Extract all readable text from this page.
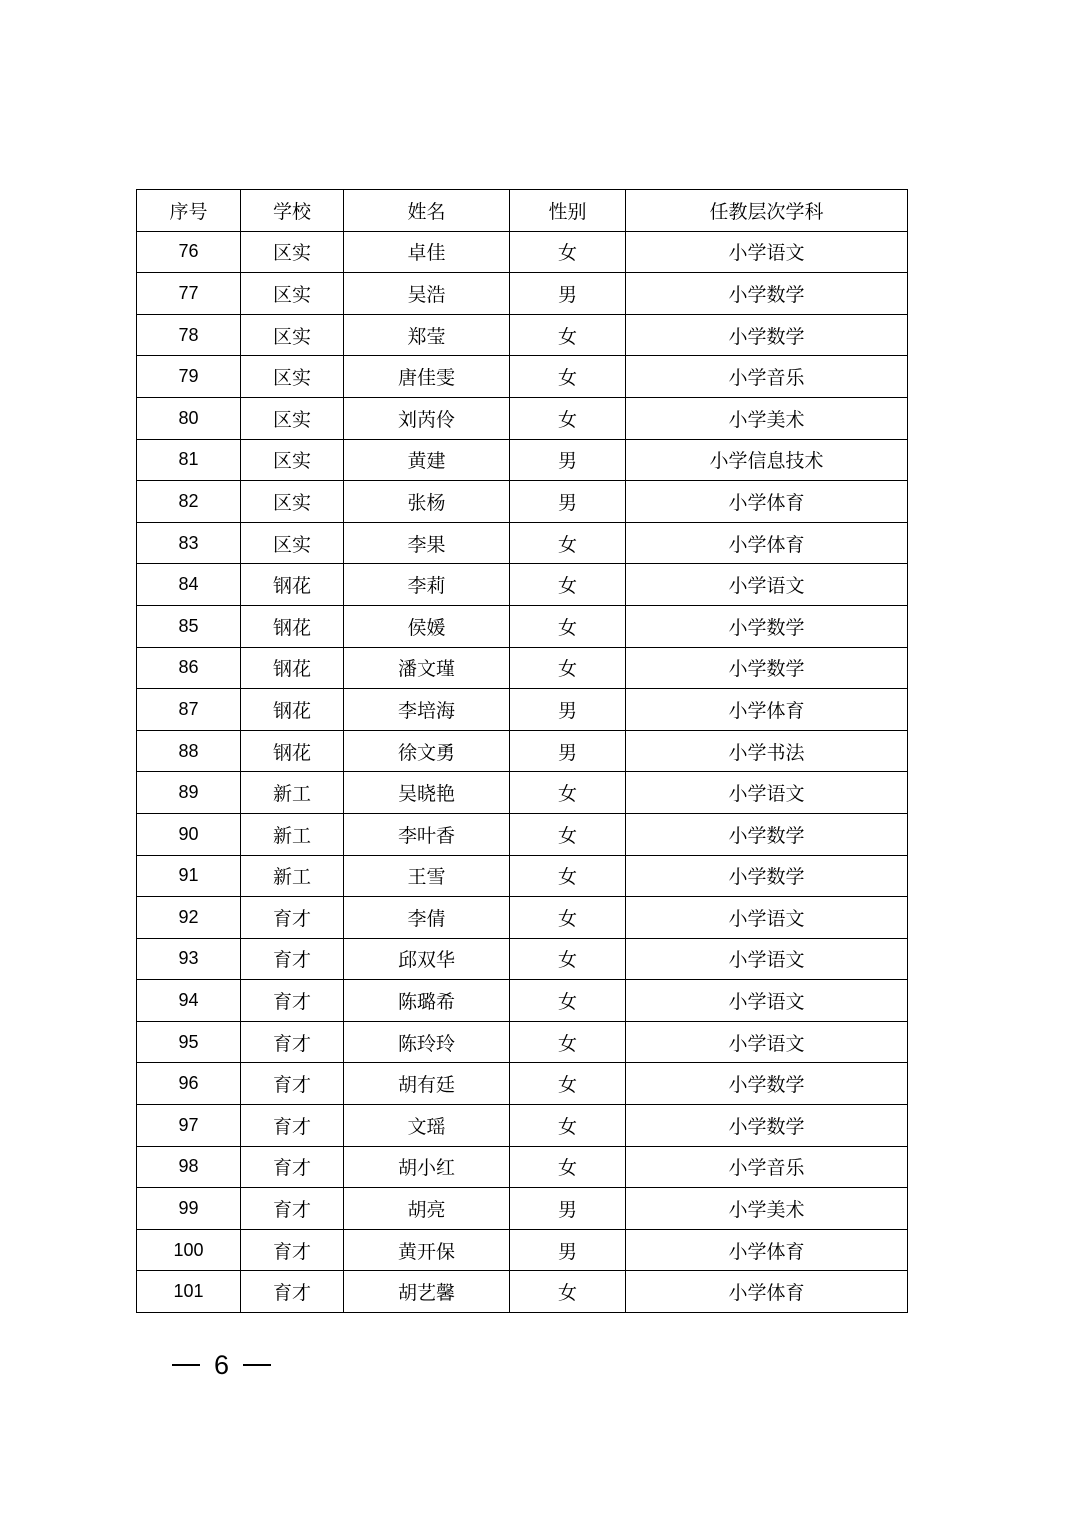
序号	学校	姓名	性别	任教层次学科
76	区实	卓佳	女	小学语文
77	区实	吴浩	男	小学数学
78	区实	郑莹	女	小学数学
79	区实	唐佳雯	女	小学音乐
80	区实	刘芮伶	女	小学美术
81	区实	黄建	男	小学信息技术
82	区实	张杨	男	小学体育
83	区实	李果	女	小学体育
84	钢花	李莉	女	小学语文
85	钢花	侯媛	女	小学数学
86	钢花	潘文瑾	女	小学数学
87	钢花	李培海	男	小学体育
88	钢花	徐文勇	男	小学书法
89	新工	吴晓艳	女	小学语文
90	新工	李叶香	女	小学数学
91	新工	王雪	女	小学数学
92	育才	李倩	女	小学语文
93	育才	邱双华	女	小学语文
94	育才	陈璐希	女	小学语文
95	育才	陈玲玲	女	小学语文
96	育才	胡有廷	女	小学数学
97	育才	文瑶	女	小学数学
98	育才	胡小红	女	小学音乐
99	育才	胡亮	男	小学美术
100	育才	黄开保	男	小学体育
101	育才	胡艺馨	女	小学体育
6
